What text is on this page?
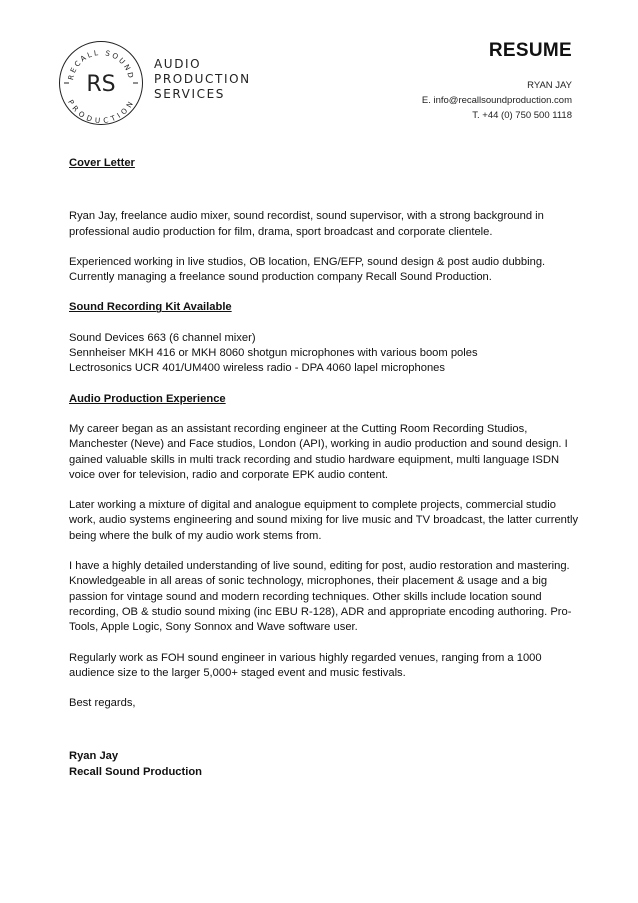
RECALL SOUND
PRODUCTION
RS
AUDIO
PRODUCTION
SERVICES
RESUME
RYAN JAY
E. info@recallsoundproduction.com
T. +44 (0) 750 500 1118

Cover Letter

Ryan Jay, freelance audio mixer, sound recordist, sound supervisor, with a strong background in professional audio production for film, drama, sport broadcast and corporate clientele.

Experienced working in live studios, OB location, ENG/EFP, sound design & post audio dubbing. Currently managing a freelance sound production company Recall Sound Production.

Sound Recording Kit Available

Sound Devices 663 (6 channel mixer)

Sennheiser MKH 416 or MKH 8060 shotgun microphones with various boom poles

Lectrosonics UCR 401/UM400 wireless radio - DPA 4060 lapel microphones

Audio Production Experience

My career began as an assistant recording engineer at the Cutting Room Recording Studios, Manchester (Neve) and Face studios, London (API), working in audio production and sound design. I gained valuable skills in multi track recording and studio hardware equipment, multi language ISDN voice over for television, radio and corporate EPK audio content.

Later working a mixture of digital and analogue equipment to complete projects, commercial studio work, audio systems engineering and sound mixing for live music and TV broadcast, the latter currently being where the bulk of my audio work stems from.

I have a highly detailed understanding of live sound, editing for post, audio restoration and mastering. Knowledgeable in all areas of sonic technology, microphones, their placement & usage and a big passion for vintage sound and modern recording techniques. Other skills include location sound recording, OB & studio sound mixing (inc EBU R-128), ADR and appropriate encoding authoring. Pro-Tools, Apple Logic, Sony Sonnox and Wave software user.

Regularly work as FOH sound engineer in various highly regarded venues, ranging from a 1000 audience size to the larger 5,000+ staged event and music festivals.

Best regards,

Ryan Jay

Recall Sound Production
